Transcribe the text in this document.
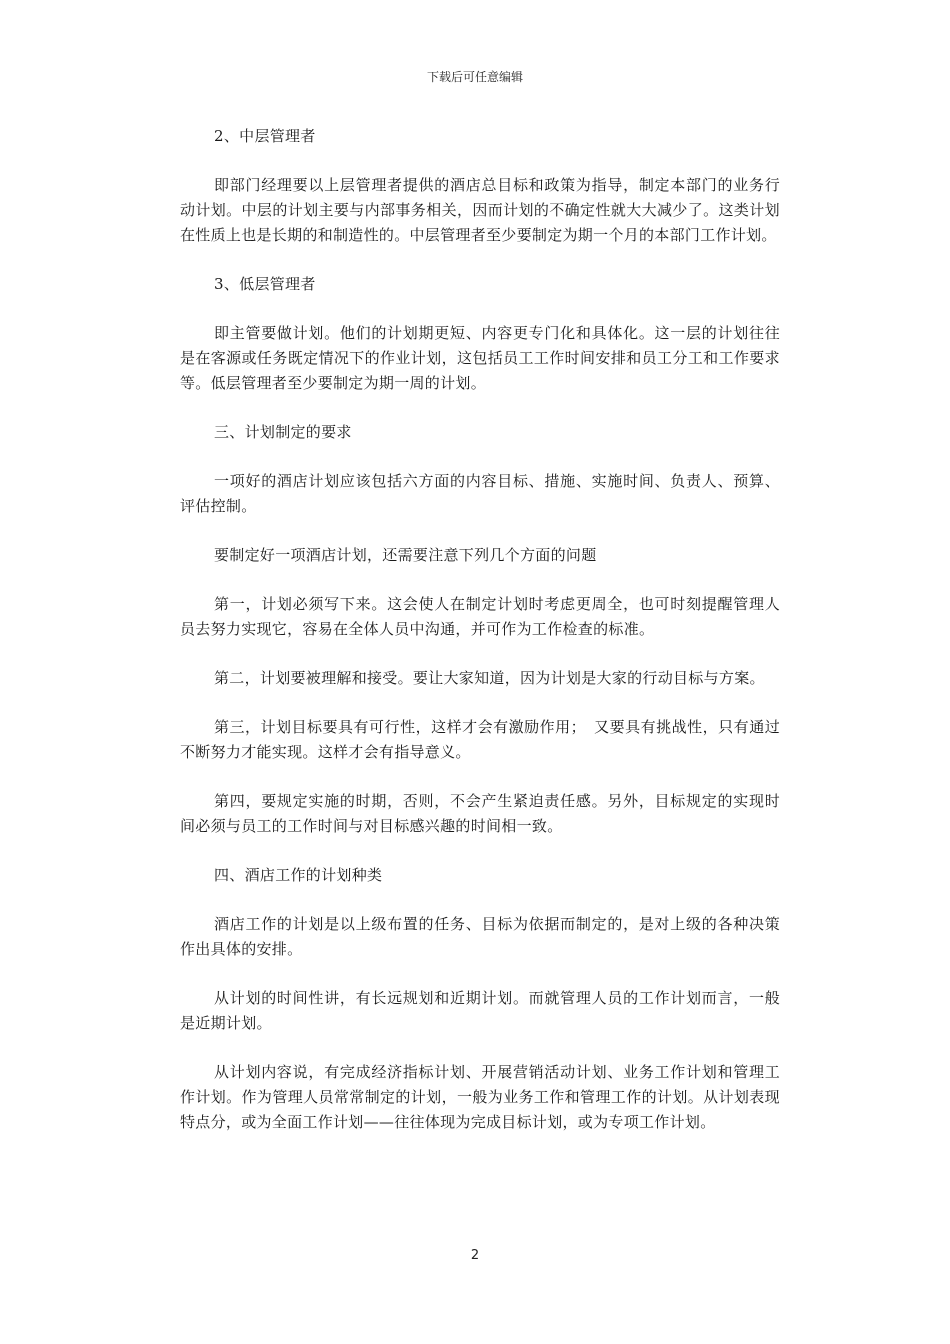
下载后可任意编辑

2、中层管理者

即部门经理要以上层管理者提供的酒店总目标和政策为指导，制定本部门的业务行动计划。中层的计划主要与内部事务相关，因而计划的不确定性就大大减少了。这类计划在性质上也是长期的和制造性的。中层管理者至少要制定为期一个月的本部门工作计划。

3、低层管理者

即主管要做计划。他们的计划期更短、内容更专门化和具体化。这一层的计划往往是在客源或任务既定情况下的作业计划，这包括员工工作时间安排和员工分工和工作要求等。低层管理者至少要制定为期一周的计划。

三、计划制定的要求

一项好的酒店计划应该包括六方面的内容目标、措施、实施时间、负责人、预算、评估控制。

要制定好一项酒店计划，还需要注意下列几个方面的问题

第一，计划必须写下来。这会使人在制定计划时考虑更周全，也可时刻提醒管理人员去努力实现它，容易在全体人员中沟通，并可作为工作检查的标准。

第二，计划要被理解和接受。要让大家知道，因为计划是大家的行动目标与方案。

第三，计划目标要具有可行性，这样才会有激励作用；　又要具有挑战性，只有通过不断努力才能实现。这样才会有指导意义。

第四，要规定实施的时期，否则，不会产生紧迫责任感。另外，目标规定的实现时间必须与员工的工作时间与对目标感兴趣的时间相一致。

四、酒店工作的计划种类

酒店工作的计划是以上级布置的任务、目标为依据而制定的，是对上级的各种决策作出具体的安排。

从计划的时间性讲，有长远规划和近期计划。而就管理人员的工作计划而言，一般是近期计划。

从计划内容说，有完成经济指标计划、开展营销活动计划、业务工作计划和管理工作计划。作为管理人员常常制定的计划，一般为业务工作和管理工作的计划。从计划表现特点分，或为全面工作计划——往往体现为完成目标计划，或为专项工作计划。

2
